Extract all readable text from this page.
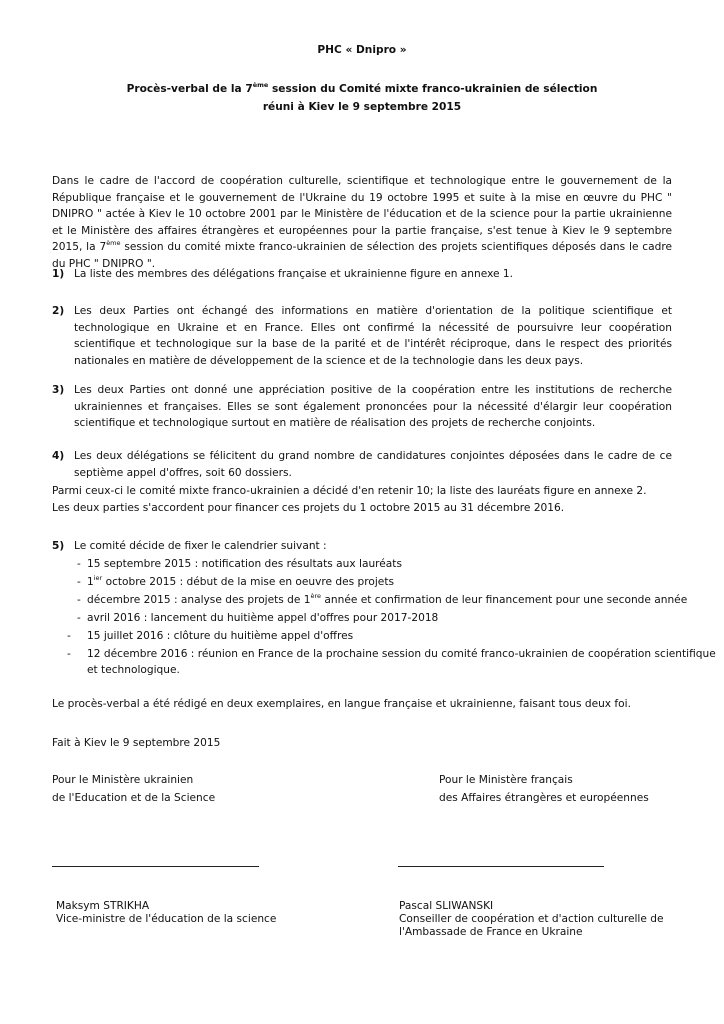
PHC « Dnipro »
Procès-verbal de la 7ème session du Comité mixte franco-ukrainien de sélection
réuni à Kiev le 9 septembre 2015
Dans le cadre de l'accord de coopération culturelle, scientifique et technologique entre le gouvernement de la République française et le gouvernement de l'Ukraine du 19 octobre 1995 et suite à la mise en œuvre du PHC " DNIPRO " actée à Kiev le 10 octobre 2001 par le Ministère de l'éducation et de la science pour la partie ukrainienne et le Ministère des affaires étrangères et européennes pour la partie française, s'est tenue à Kiev le 9 septembre 2015, la 7ème session du comité mixte franco-ukrainien de sélection des projets scientifiques déposés dans le cadre du PHC " DNIPRO ".
1) La liste des membres des délégations française et ukrainienne figure en annexe 1.
2) Les deux Parties ont échangé des informations en matière d'orientation de la politique scientifique et technologique en Ukraine et en France. Elles ont confirmé la nécessité de poursuivre leur coopération scientifique et technologique sur la base de la parité et de l'intérêt réciproque, dans le respect des priorités nationales en matière de développement de la science et de la technologie dans les deux pays.
3) Les deux Parties ont donné une appréciation positive de la coopération entre les institutions de recherche ukrainiennes et françaises. Elles se sont également prononcées pour la nécessité d'élargir leur coopération scientifique et technologique surtout en matière de réalisation des projets de recherche conjoints.
4) Les deux délégations se félicitent du grand nombre de candidatures conjointes déposées dans le cadre de ce septième appel d'offres, soit 60 dossiers.
Parmi ceux-ci le comité mixte franco-ukrainien a décidé d'en retenir 10; la liste des lauréats figure en annexe 2.
Les deux parties s'accordent pour financer ces projets du 1 octobre 2015 au 31 décembre 2016.
5) Le comité décide de fixer le calendrier suivant :
- 15 septembre 2015 : notification des résultats aux lauréats
- $1^{ier}$ octobre 2015 : début de la mise en oeuvre des projets
- décembre 2015 : analyse des projets de 1ère année et confirmation de leur financement pour une seconde année
- avril 2016 : lancement du huitième appel d'offres pour 2017-2018
- 15 juillet 2016 : clôture du huitième appel d'offres
- 12 décembre 2016 : réunion en France de la prochaine session du comité franco-ukrainien de coopération scientifique
et technologique.
Le procès-verbal a été rédigé en deux exemplaires, en langue française et ukrainienne, faisant tous deux foi.
Fait à Kiev le 9 septembre 2015
Pour le Ministère ukrainien
de l'Education et de la Science
Pour le Ministère français
des Affaires étrangères et européennes
Maksym STRIKHA
Vice-ministre de l'éducation de la science
Pascal SLIWANSKI
Conseiller de coopération et d'action culturelle de
l'Ambassade de France en Ukraine
